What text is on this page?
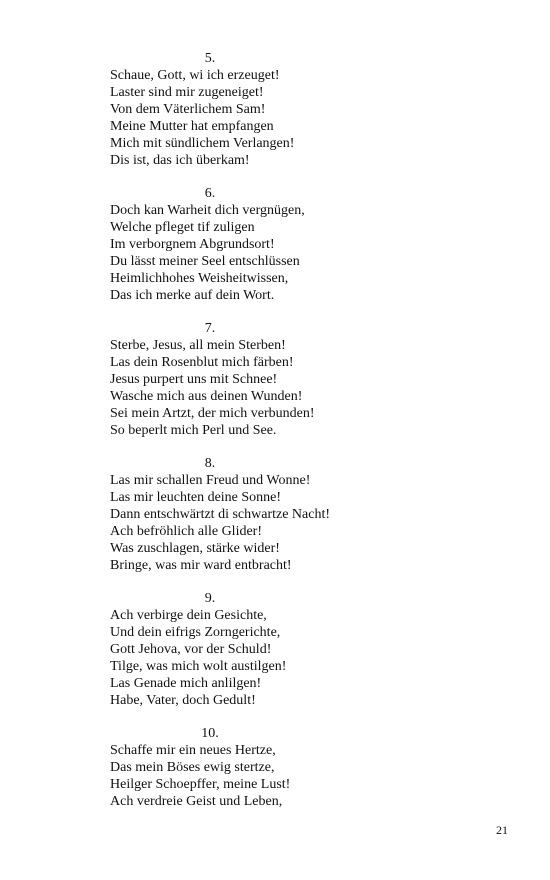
5.
Schaue, Gott, wi ich erzeuget!
Laster sind mir zugeneiget!
Von dem Väterlichem Sam!
Meine Mutter hat empfangen
Mich mit sündlichem Verlangen!
Dis ist, das ich überkam!
6.
Doch kan Warheit dich vergnügen,
Welche pfleget tif zuligen
Im verborgnem Abgrundsort!
Du lässt meiner Seel entschlüssen
Heimlichhohes Weisheitwissen,
Das ich merke auf dein Wort.
7.
Sterbe, Jesus, all mein Sterben!
Las dein Rosenblut mich färben!
Jesus purpert uns mit Schnee!
Wasche mich aus deinen Wunden!
Sei mein Artzt, der mich verbunden!
So beperlt mich Perl und See.
8.
Las mir schallen Freud und Wonne!
Las mir leuchten deine Sonne!
Dann entschwärtzt di schwartze Nacht!
Ach befröhlich alle Glider!
Was zuschlagen, stärke wider!
Bringe, was mir ward entbracht!
9.
Ach verbirge dein Gesichte,
Und dein eifrigs Zorngerichte,
Gott Jehova, vor der Schuld!
Tilge, was mich wolt austilgen!
Las Genade mich anlilgen!
Habe, Vater, doch Gedult!
10.
Schaffe mir ein neues Hertze,
Das mein Böses ewig stertze,
Heilger Schoepffer, meine Lust!
Ach verdreie Geist und Leben,
21
